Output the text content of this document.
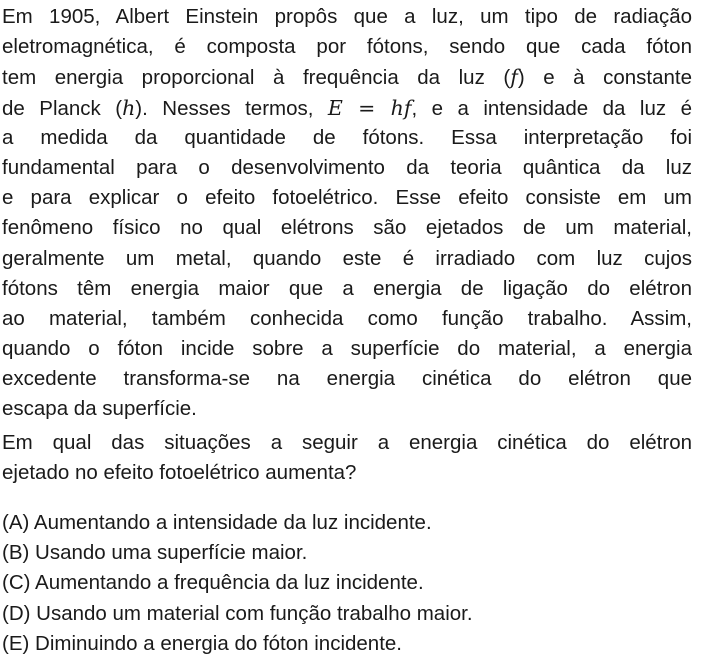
Em 1905, Albert Einstein propôs que a luz, um tipo de radiação
eletromagnética, é composta por fótons, sendo que cada fóton
tem energia proporcional à frequência da luz (f) e à constante
de Planck (h). Nesses termos, E = hf, e a intensidade da luz é
a medida da quantidade de fótons. Essa interpretação foi
fundamental para o desenvolvimento da teoria quântica da luz
e para explicar o efeito fotoelétrico. Esse efeito consiste em um
fenômeno físico no qual elétrons são ejetados de um material,
geralmente um metal, quando este é irradiado com luz cujos
fótons têm energia maior que a energia de ligação do elétron
ao material, também conhecida como função trabalho. Assim,
quando o fóton incide sobre a superfície do material, a energia
excedente transforma-se na energia cinética do elétron que
escapa da superfície.
Em qual das situações a seguir a energia cinética do elétron
ejetado no efeito fotoelétrico aumenta?
(A) Aumentando a intensidade da luz incidente.
(B) Usando uma superfície maior.
(C) Aumentando a frequência da luz incidente.
(D) Usando um material com função trabalho maior.
(E) Diminuindo a energia do fóton incidente.
